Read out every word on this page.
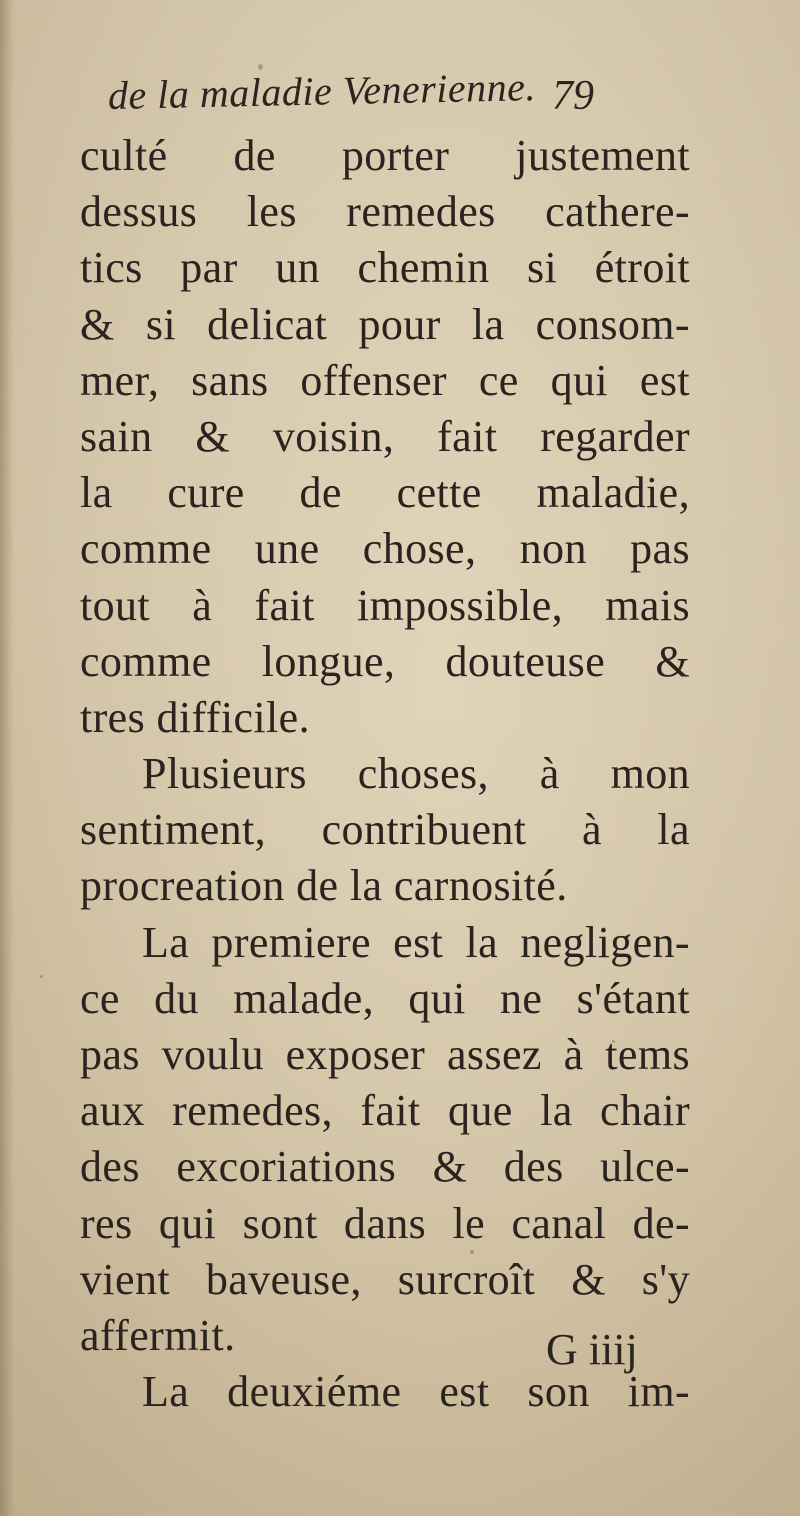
de la maladie Venerienne. 79
culté de porter justement
dessus les remedes cathere-
tics par un chemin si étroit
& si delicat pour la consom-
mer, sans offenser ce qui est
sain & voisin, fait regarder
la cure de cette maladie,
comme une chose, non pas
tout à fait impossible, mais
comme longue, douteuse &
tres difficile.
Plusieurs choses, à mon
sentiment, contribuent à la
procreation de la carnosité.
La premiere est la negligen-
ce du malade, qui ne s'étant
pas voulu exposer assez à tems
aux remedes, fait que la chair
des excoriations & des ulce-
res qui sont dans le canal de-
vient baveuse, surcroît & s'y
affermit.
La deuxiéme est son im-
G iiij
